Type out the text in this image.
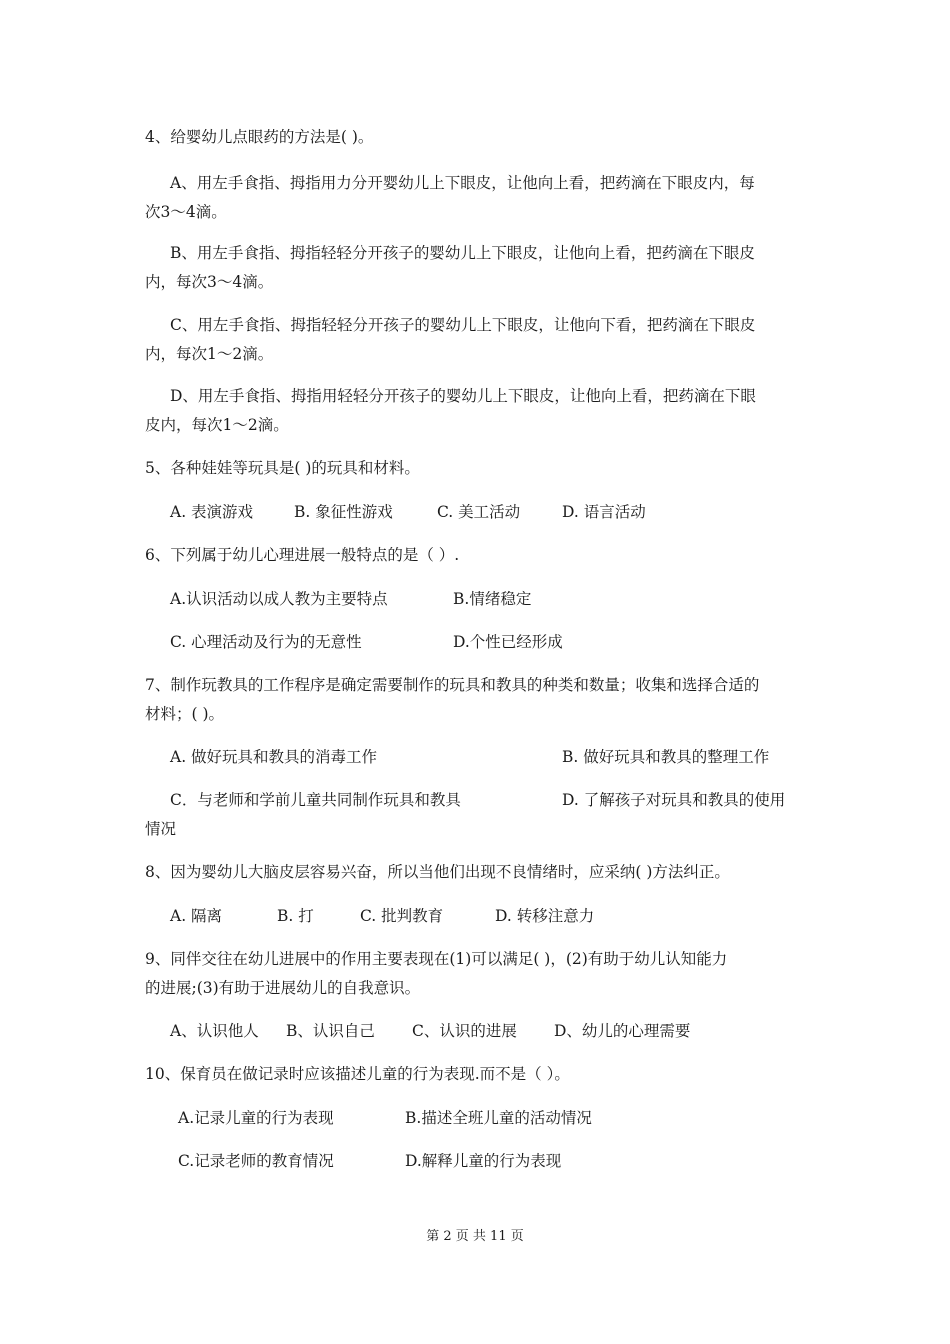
4、给婴幼儿点眼药的方法是( )。
A、用左手食指、拇指用力分开婴幼儿上下眼皮，让他向上看，把药滴在下眼皮内，每
次3～4滴。
B、用左手食指、拇指轻轻分开孩子的婴幼儿上下眼皮，让他向上看，把药滴在下眼皮
内，每次3～4滴。
C、用左手食指、拇指轻轻分开孩子的婴幼儿上下眼皮，让他向下看，把药滴在下眼皮
内，每次1～2滴。
D、用左手食指、拇指用轻轻分开孩子的婴幼儿上下眼皮，让他向上看，把药滴在下眼
皮内，每次1～2滴。
5、各种娃娃等玩具是( )的玩具和材料。
A. 表演游戏	B. 象征性游戏	C. 美工活动	D. 语言活动
6、下列属于幼儿心理进展一般特点的是（ ）.
A.认识活动以成人教为主要特点	B.情绪稳定
C. 心理活动及行为的无意性	D.个性已经形成
7、制作玩教具的工作程序是确定需要制作的玩具和教具的种类和数量；收集和选择合适的
材料；( )。
A. 做好玩具和教具的消毒工作	B. 做好玩具和教具的整理工作
C．与老师和学前儿童共同制作玩具和教具	D. 了解孩子对玩具和教具的使用
情况
8、因为婴幼儿大脑皮层容易兴奋，所以当他们出现不良情绪时，应采纳( )方法纠正。
A. 隔离	B. 打	C. 批判教育	D. 转移注意力
9、同伴交往在幼儿进展中的作用主要表现在(1)可以满足( )，(2)有助于幼儿认知能力
的进展;(3)有助于进展幼儿的自我意识。
A、认识他人 B、认识自己 C、认识的进展 D、幼儿的心理需要
10、保育员在做记录时应该描述儿童的行为表现.而不是（ ）。
A.记录儿童的行为表现	B.描述全班儿童的活动情况
C.记录老师的教育情况	D.解释儿童的行为表现
第 2 页 共 11 页
